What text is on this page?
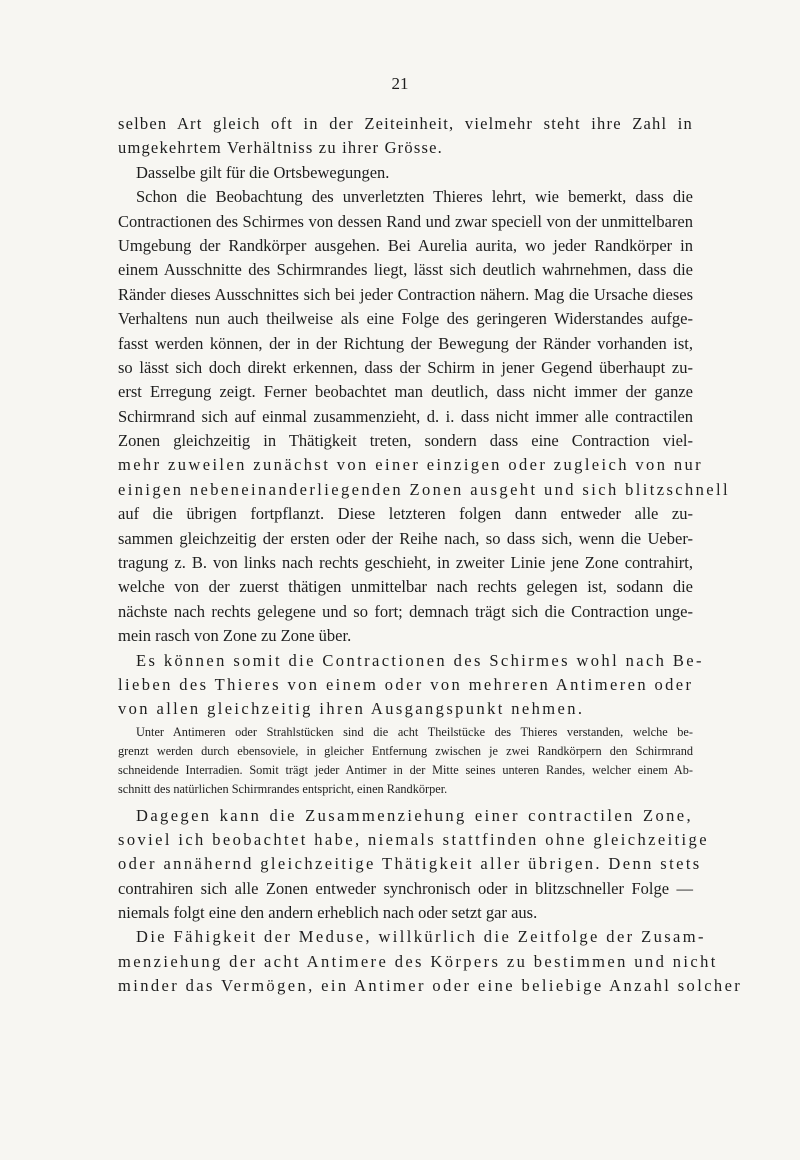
21
selben Art gleich oft in der Zeiteinheit, vielmehr steht ihre Zahl in
umgekehrtem Verhältniss zu ihrer Grösse.
Dasselbe gilt für die Ortsbewegungen.
Schon die Beobachtung des unverletzten Thieres lehrt, wie bemerkt, dass die
Contractionen des Schirmes von dessen Rand und zwar speciell von der unmittelbaren
Umgebung der Randkörper ausgehen. Bei Aurelia aurita, wo jeder Randkörper in
einem Ausschnitte des Schirmrandes liegt, lässt sich deutlich wahrnehmen, dass die
Ränder dieses Ausschnittes sich bei jeder Contraction nähern. Mag die Ursache dieses
Verhaltens nun auch theilweise als eine Folge des geringeren Widerstandes aufge-
fasst werden können, der in der Richtung der Bewegung der Ränder vorhanden ist,
so lässt sich doch direkt erkennen, dass der Schirm in jener Gegend überhaupt zu-
erst Erregung zeigt. Ferner beobachtet man deutlich, dass nicht immer der ganze
Schirmrand sich auf einmal zusammenzieht, d. i. dass nicht immer alle contractilen
Zonen gleichzeitig in Thätigkeit treten, sondern dass eine Contraction viel-
mehr zuweilen zunächst von einer einzigen oder zugleich von nur
einigen nebeneinanderliegenden Zonen ausgeht und sich blitzschnell
auf die übrigen fortpflanzt. Diese letzteren folgen dann entweder alle zu-
sammen gleichzeitig der ersten oder der Reihe nach, so dass sich, wenn die Ueber-
tragung z. B. von links nach rechts geschieht, in zweiter Linie jene Zone contrahirt,
welche von der zuerst thätigen unmittelbar nach rechts gelegen ist, sodann die
nächste nach rechts gelegene und so fort; demnach trägt sich die Contraction unge-
mein rasch von Zone zu Zone über.
Es können somit die Contractionen des Schirmes wohl nach Be-
lieben des Thieres von einem oder von mehreren Antimeren oder
von allen gleichzeitig ihren Ausgangspunkt nehmen.
Unter Antimeren oder Strahlstücken sind die acht Theilstücke des Thieres verstanden, welche be-
grenzt werden durch ebensoviele, in gleicher Entfernung zwischen je zwei Randkörpern den Schirmrand
schneidende Interradien. Somit trägt jeder Antimer in der Mitte seines unteren Randes, welcher einem Ab-
schnitt des natürlichen Schirmrandes entspricht, einen Randkörper.
Dagegen kann die Zusammenziehung einer contractilen Zone,
soviel ich beobachtet habe, niemals stattfinden ohne gleichzeitige
oder annähernd gleichzeitige Thätigkeit aller übrigen. Denn stets
contrahiren sich alle Zonen entweder synchronisch oder in blitzschneller Folge —
niemals folgt eine den andern erheblich nach oder setzt gar aus.
Die Fähigkeit der Meduse, willkürlich die Zeitfolge der Zusam-
menziehung der acht Antimere des Körpers zu bestimmen und nicht
minder das Vermögen, ein Antimer oder eine beliebige Anzahl solcher
